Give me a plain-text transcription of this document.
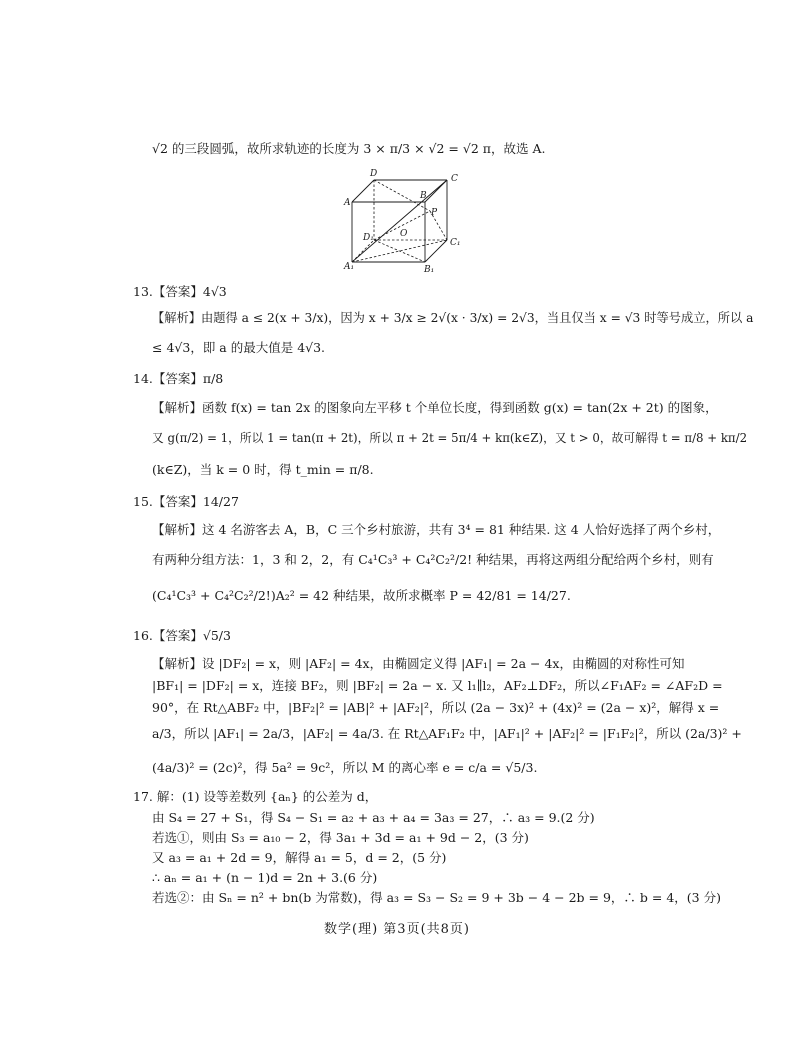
√2 的三段圆弧，故所求轨迹的长度为 3 × π/3 × √2 = √2 π，故选 A.
D
A
B
C
P
O
D₁	C₁
A₁	B₁
13.【答案】4√3
【解析】由题得 a ≤ 2(x + 3/x)，因为 x + 3/x ≥ 2√(x · 3/x) = 2√3，当且仅当 x = √3 时等号成立，所以 a
≤ 4√3，即 a 的最大值是 4√3.
14.【答案】π/8
【解析】函数 f(x) = tan 2x 的图象向左平移 t 个单位长度，得到函数 g(x) = tan(2x + 2t) 的图象，
又 g(π/2) = 1，所以 1 = tan(π + 2t)，所以 π + 2t = 5π/4 + kπ(k∈Z)，又 t > 0，故可解得 t = π/8 + kπ/2
(k∈Z)，当 k = 0 时，得 t_min = π/8.
15.【答案】14/27
【解析】这 4 名游客去 A，B，C 三个乡村旅游，共有 3⁴ = 81 种结果. 这 4 人恰好选择了两个乡村，
有两种分组方法：1，3 和 2，2，有 C₄¹C₃³ + C₄²C₂²/2! 种结果，再将这两组分配给两个乡村，则有
(C₄¹C₃³ + C₄²C₂²/2!)A₂² = 42 种结果，故所求概率 P = 42/81 = 14/27.
16.【答案】√5/3
【解析】设 |DF₂| = x，则 |AF₂| = 4x，由椭圆定义得 |AF₁| = 2a − 4x，由椭圆的对称性可知
|BF₁| = |DF₂| = x，连接 BF₂，则 |BF₂| = 2a − x. 又 l₁∥l₂，AF₂⊥DF₂，所以∠F₁AF₂ = ∠AF₂D =
90°，在 Rt△ABF₂ 中，|BF₂|² = |AB|² + |AF₂|²，所以 (2a − 3x)² + (4x)² = (2a − x)²，解得 x =
a/3，所以 |AF₁| = 2a/3，|AF₂| = 4a/3. 在 Rt△AF₁F₂ 中，|AF₁|² + |AF₂|² = |F₁F₂|²，所以 (2a/3)² +
(4a/3)² = (2c)²，得 5a² = 9c²，所以 M 的离心率 e = c/a = √5/3.
17. 解：(1) 设等差数列 {aₙ} 的公差为 d，
由 S₄ = 27 + S₁，得 S₄ − S₁ = a₂ + a₃ + a₄ = 3a₃ = 27，∴ a₃ = 9.(2 分)
若选①，则由 S₃ = a₁₀ − 2，得 3a₁ + 3d = a₁ + 9d − 2，(3 分)
又 a₃ = a₁ + 2d = 9，解得 a₁ = 5，d = 2，(5 分)
∴ aₙ = a₁ + (n − 1)d = 2n + 3.(6 分)
若选②：由 Sₙ = n² + bn(b 为常数)，得 a₃ = S₃ − S₂ = 9 + 3b − 4 − 2b = 9，∴ b = 4，(3 分)
数学(理) 第3页(共8页)
